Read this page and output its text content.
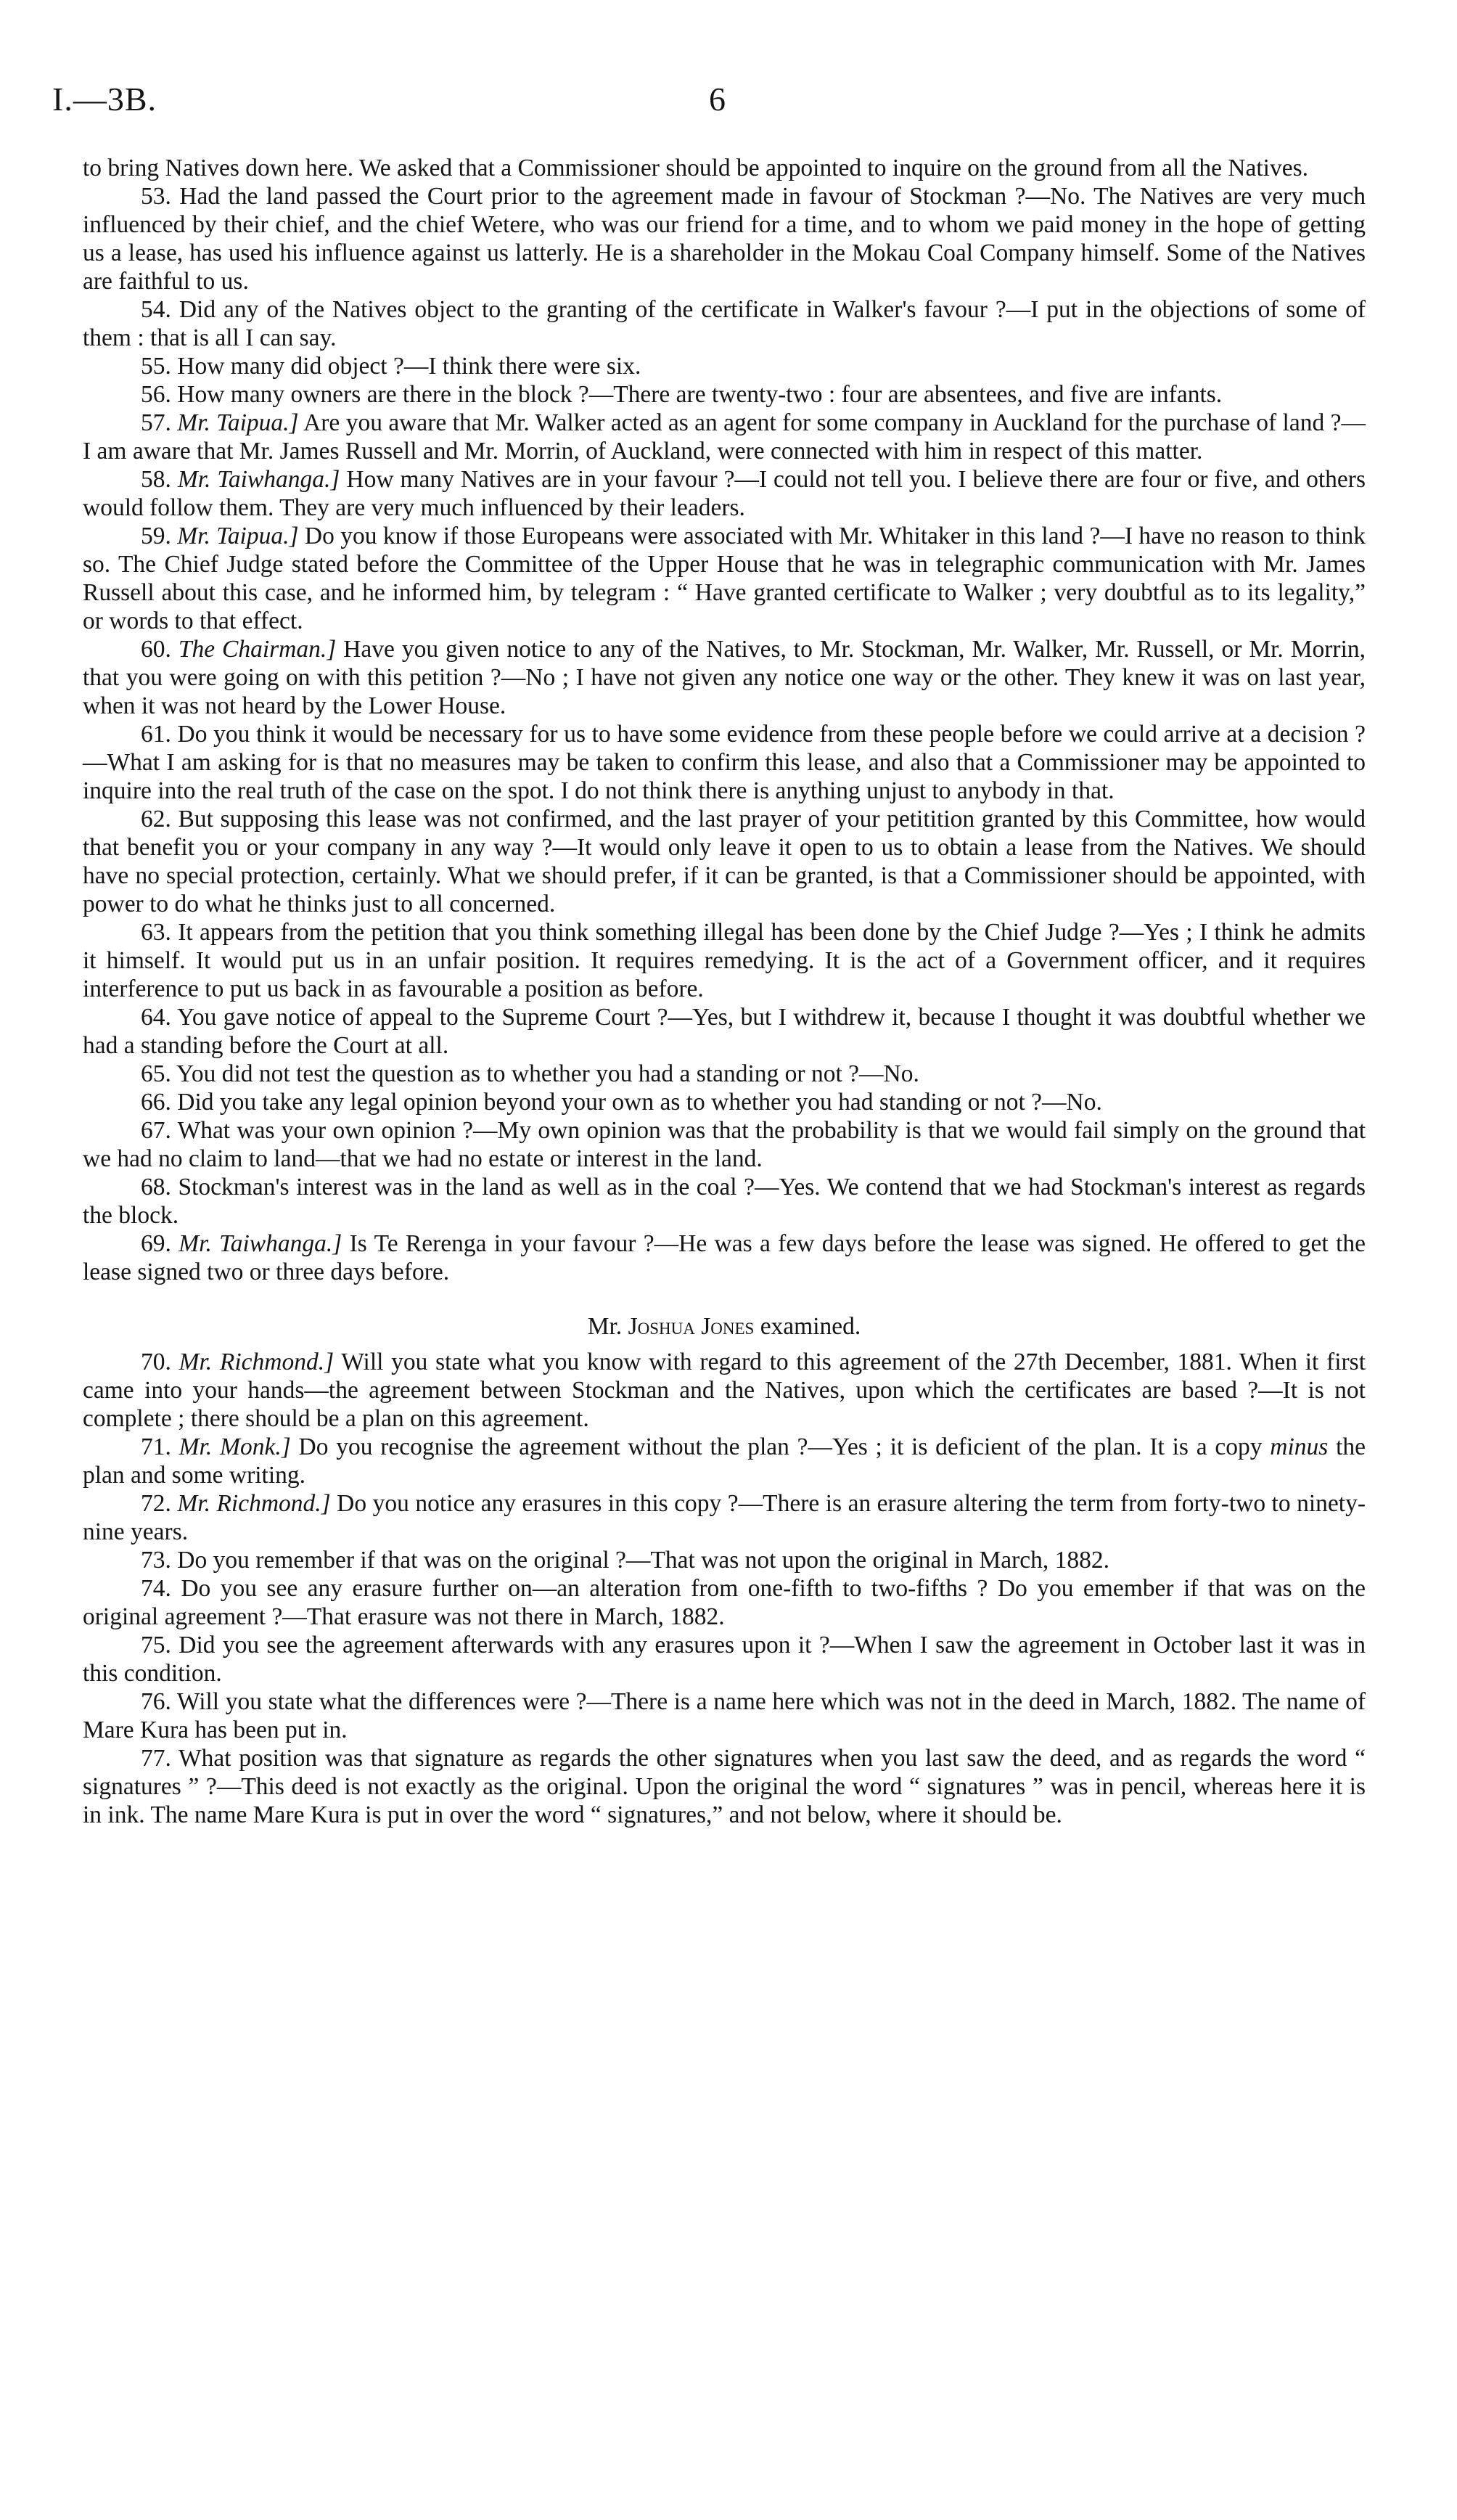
I.—3B.	6

to bring Natives down here. We asked that a Commissioner should be appointed to inquire on the ground from all the Natives.

53. Had the land passed the Court prior to the agreement made in favour of Stockman ?—No. The Natives are very much influenced by their chief, and the chief Wetere, who was our friend for a time, and to whom we paid money in the hope of getting us a lease, has used his influence against us latterly. He is a shareholder in the Mokau Coal Company himself. Some of the Natives are faithful to us.

54. Did any of the Natives object to the granting of the certificate in Walker's favour ?—I put in the objections of some of them : that is all I can say.

55. How many did object ?—I think there were six.

56. How many owners are there in the block ?—There are twenty-two : four are absentees, and five are infants.

57. Mr. Taipua.] Are you aware that Mr. Walker acted as an agent for some company in Auckland for the purchase of land ?—I am aware that Mr. James Russell and Mr. Morrin, of Auckland, were connected with him in respect of this matter.

58. Mr. Taiwhanga.] How many Natives are in your favour ?—I could not tell you. I believe there are four or five, and others would follow them. They are very much influenced by their leaders.

59. Mr. Taipua.] Do you know if those Europeans were associated with Mr. Whitaker in this land ?—I have no reason to think so. The Chief Judge stated before the Committee of the Upper House that he was in telegraphic communication with Mr. James Russell about this case, and he informed him, by telegram : “ Have granted certificate to Walker ; very doubtful as to its legality,” or words to that effect.

60. The Chairman.] Have you given notice to any of the Natives, to Mr. Stockman, Mr. Walker, Mr. Russell, or Mr. Morrin, that you were going on with this petition ?—No ; I have not given any notice one way or the other. They knew it was on last year, when it was not heard by the Lower House.

61. Do you think it would be necessary for us to have some evidence from these people before we could arrive at a decision ?—What I am asking for is that no measures may be taken to confirm this lease, and also that a Commissioner may be appointed to inquire into the real truth of the case on the spot. I do not think there is anything unjust to anybody in that.

62. But supposing this lease was not confirmed, and the last prayer of your petitition granted by this Committee, how would that benefit you or your company in any way ?—It would only leave it open to us to obtain a lease from the Natives. We should have no special protection, certainly. What we should prefer, if it can be granted, is that a Commissioner should be appointed, with power to do what he thinks just to all concerned.

63. It appears from the petition that you think something illegal has been done by the Chief Judge ?—Yes ; I think he admits it himself. It would put us in an unfair position. It requires remedying. It is the act of a Government officer, and it requires interference to put us back in as favourable a position as before.

64. You gave notice of appeal to the Supreme Court ?—Yes, but I withdrew it, because I thought it was doubtful whether we had a standing before the Court at all.

65. You did not test the question as to whether you had a standing or not ?—No.

66. Did you take any legal opinion beyond your own as to whether you had standing or not ?—No.

67. What was your own opinion ?—My own opinion was that the probability is that we would fail simply on the ground that we had no claim to land—that we had no estate or interest in the land.

68. Stockman's interest was in the land as well as in the coal ?—Yes. We contend that we had Stockman's interest as regards the block.

69. Mr. Taiwhanga.] Is Te Rerenga in your favour ?—He was a few days before the lease was signed. He offered to get the lease signed two or three days before.

Mr. Joshua Jones examined.

70. Mr. Richmond.] Will you state what you know with regard to this agreement of the 27th December, 1881. When it first came into your hands—the agreement between Stockman and the Natives, upon which the certificates are based ?—It is not complete ; there should be a plan on this agreement.

71. Mr. Monk.] Do you recognise the agreement without the plan ?—Yes ; it is deficient of the plan. It is a copy minus the plan and some writing.

72. Mr. Richmond.] Do you notice any erasures in this copy ?—There is an erasure altering the term from forty-two to ninety-nine years.

73. Do you remember if that was on the original ?—That was not upon the original in March, 1882.

74. Do you see any erasure further on—an alteration from one-fifth to two-fifths ? Do you emember if that was on the original agreement ?—That erasure was not there in March, 1882.

75. Did you see the agreement afterwards with any erasures upon it ?—When I saw the agreement in October last it was in this condition.

76. Will you state what the differences were ?—There is a name here which was not in the deed in March, 1882. The name of Mare Kura has been put in.

77. What position was that signature as regards the other signatures when you last saw the deed, and as regards the word “ signatures ” ?—This deed is not exactly as the original. Upon the original the word “ signatures ” was in pencil, whereas here it is in ink. The name Mare Kura is put in over the word “ signatures,” and not below, where it should be.
